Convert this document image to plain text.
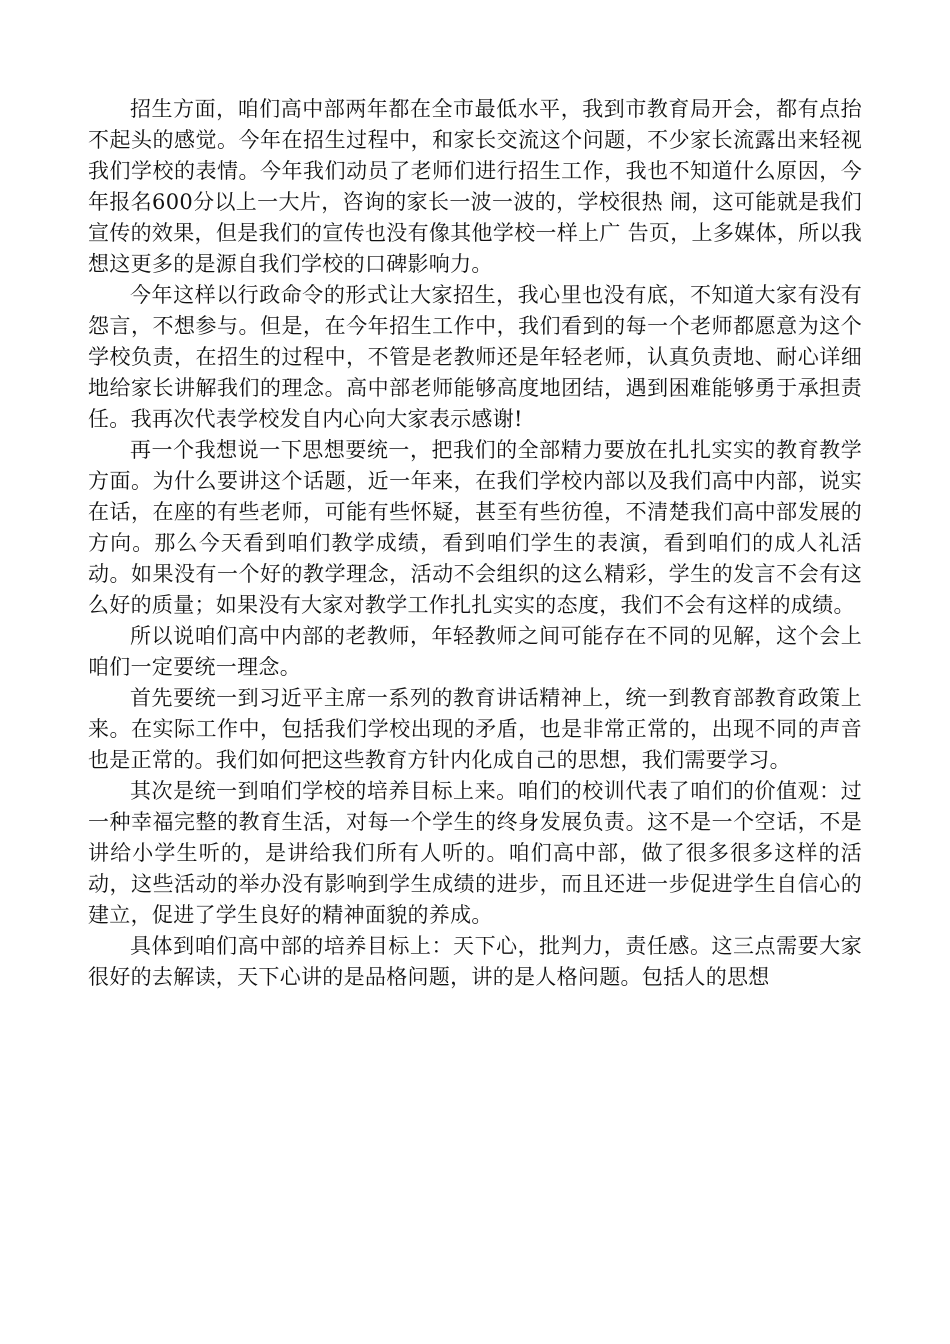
招生方面，咱们高中部两年都在全市最低水平，我到市教育局开会，都有点抬不起头的感觉。今年在招生过程中，和家长交流这个问题，不少家长流露出来轻视我们学校的表情。今年我们动员了老师们进行招生工作，我也不知道什么原因，今年报名600分以上一大片，咨询的家长一波一波的，学校很热 闹，这可能就是我们宣传的效果，但是我们的宣传也没有像其他学校一样上广 告页，上多媒体，所以我想这更多的是源自我们学校的口碑影响力。

今年这样以行政命令的形式让大家招生，我心里也没有底，不知道大家有没有怨言，不想参与。但是，在今年招生工作中，我们看到的每一个老师都愿意为这个学校负责，在招生的过程中，不管是老教师还是年轻老师，认真负责地、耐心详细地给家长讲解我们的理念。高中部老师能够高度地团结，遇到困难能够勇于承担责任。我再次代表学校发自内心向大家表示感谢!

再一个我想说一下思想要统一，把我们的全部精力要放在扎扎实实的教育教学方面。为什么要讲这个话题，近一年来，在我们学校内部以及我们高中内部，说实在话，在座的有些老师，可能有些怀疑，甚至有些彷徨，不清楚我们高中部发展的方向。那么今天看到咱们教学成绩，看到咱们学生的表演，看到咱们的成人礼活动。如果没有一个好的教学理念，活动不会组织的这么精彩，学生的发言不会有这么好的质量；如果没有大家对教学工作扎扎实实的态度，我们不会有这样的成绩。

所以说咱们高中内部的老教师，年轻教师之间可能存在不同的见解，这个会上咱们一定要统一理念。

首先要统一到习近平主席一系列的教育讲话精神上，统一到教育部教育政策上来。在实际工作中，包括我们学校出现的矛盾，也是非常正常的，出现不同的声音也是正常的。我们如何把这些教育方针内化成自己的思想，我们需要学习。

其次是统一到咱们学校的培养目标上来。咱们的校训代表了咱们的价值观：过一种幸福完整的教育生活，对每一个学生的终身发展负责。这不是一个空话，不是讲给小学生听的，是讲给我们所有人听的。咱们高中部，做了很多很多这样的活动，这些活动的举办没有影响到学生成绩的进步，而且还进一步促进学生自信心的建立，促进了学生良好的精神面貌的养成。

具体到咱们高中部的培养目标上：天下心，批判力，责任感。这三点需要大家很好的去解读，天下心讲的是品格问题，讲的是人格问题。包括人的思想
